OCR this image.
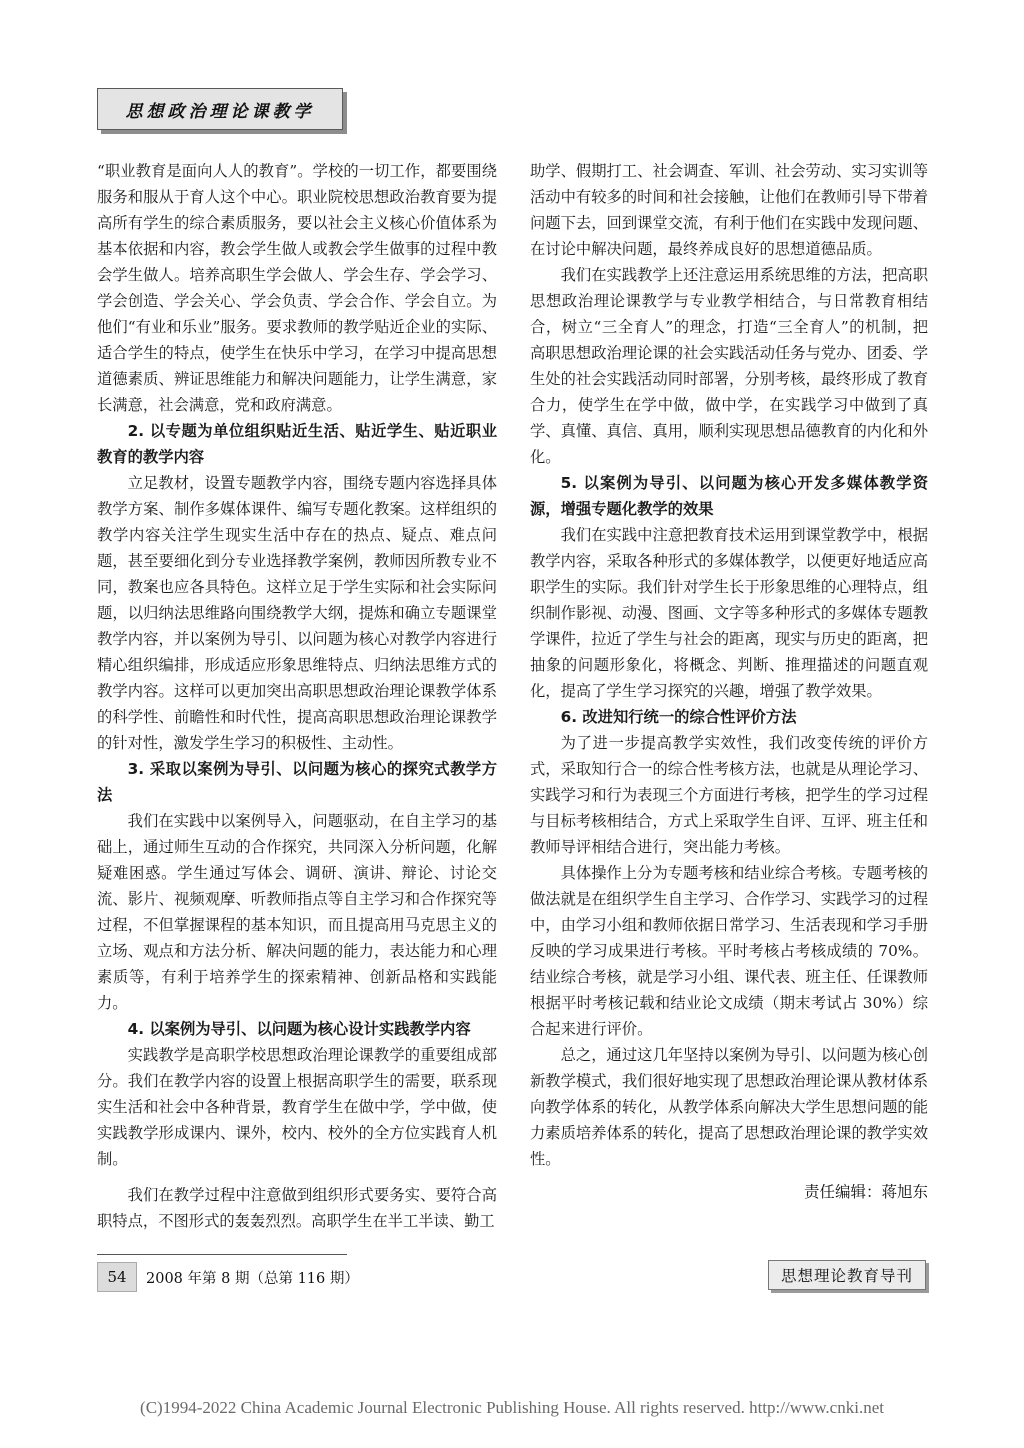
思想政治理论课教学

“职业教育是面向人人的教育”。学校的一切工作，都要围绕服务和服从于育人这个中心。职业院校思想政治教育要为提高所有学生的综合素质服务，要以社会主义核心价值体系为基本依据和内容，教会学生做人或教会学生做事的过程中教会学生做人。培养高职生学会做人、学会生存、学会学习、学会创造、学会关心、学会负责、学会合作、学会自立。为他们“有业和乐业”服务。要求教师的教学贴近企业的实际、适合学生的特点，使学生在快乐中学习，在学习中提高思想道德素质、辨证思维能力和解决问题能力，让学生满意，家长满意，社会满意，党和政府满意。

2. 以专题为单位组织贴近生活、贴近学生、贴近职业教育的教学内容

立足教材，设置专题教学内容，围绕专题内容选择具体教学方案、制作多媒体课件、编写专题化教案。这样组织的教学内容关注学生现实生活中存在的热点、疑点、难点问题，甚至要细化到分专业选择教学案例，教师因所教专业不同，教案也应各具特色。这样立足于学生实际和社会实际问题，以归纳法思维路向围绕教学大纲，提炼和确立专题课堂教学内容，并以案例为导引、以问题为核心对教学内容进行精心组织编排，形成适应形象思维特点、归纳法思维方式的教学内容。这样可以更加突出高职思想政治理论课教学体系的科学性、前瞻性和时代性，提高高职思想政治理论课教学的针对性，激发学生学习的积极性、主动性。

3. 采取以案例为导引、以问题为核心的探究式教学方法

我们在实践中以案例导入，问题驱动，在自主学习的基础上，通过师生互动的合作探究，共同深入分析问题，化解疑难困惑。学生通过写体会、调研、演讲、辩论、讨论交流、影片、视频观摩、听教师指点等自主学习和合作探究等过程，不但掌握课程的基本知识，而且提高用马克思主义的立场、观点和方法分析、解决问题的能力，表达能力和心理素质等，有利于培养学生的探索精神、创新品格和实践能力。

4. 以案例为导引、以问题为核心设计实践教学内容

实践教学是高职学校思想政治理论课教学的重要组成部分。我们在教学内容的设置上根据高职学生的需要，联系现实生活和社会中各种背景，教育学生在做中学，学中做，使实践教学形成课内、课外，校内、校外的全方位实践育人机制。

我们在教学过程中注意做到组织形式要务实、要符合高职特点，不图形式的轰轰烈烈。高职学生在半工半读、勤工

助学、假期打工、社会调查、军训、社会劳动、实习实训等活动中有较多的时间和社会接触，让他们在教师引导下带着问题下去，回到课堂交流，有利于他们在实践中发现问题、在讨论中解决问题，最终养成良好的思想道德品质。

我们在实践教学上还注意运用系统思维的方法，把高职思想政治理论课教学与专业教学相结合，与日常教育相结合，树立“三全育人”的理念，打造“三全育人”的机制，把高职思想政治理论课的社会实践活动任务与党办、团委、学生处的社会实践活动同时部署，分别考核，最终形成了教育合力，使学生在学中做，做中学，在实践学习中做到了真学、真懂、真信、真用，顺利实现思想品德教育的内化和外化。

5. 以案例为导引、以问题为核心开发多媒体教学资源，增强专题化教学的效果

我们在实践中注意把教育技术运用到课堂教学中，根据教学内容，采取各种形式的多媒体教学，以便更好地适应高职学生的实际。我们针对学生长于形象思维的心理特点，组织制作影视、动漫、图画、文字等多种形式的多媒体专题教学课件，拉近了学生与社会的距离，现实与历史的距离，把抽象的问题形象化，将概念、判断、推理描述的问题直观化，提高了学生学习探究的兴趣，增强了教学效果。

6. 改进知行统一的综合性评价方法

为了进一步提高教学实效性，我们改变传统的评价方式，采取知行合一的综合性考核方法，也就是从理论学习、实践学习和行为表现三个方面进行考核，把学生的学习过程与目标考核相结合，方式上采取学生自评、互评、班主任和教师导评相结合进行，突出能力考核。

具体操作上分为专题考核和结业综合考核。专题考核的做法就是在组织学生自主学习、合作学习、实践学习的过程中，由学习小组和教师依据日常学习、生活表现和学习手册反映的学习成果进行考核。平时考核占考核成绩的 70%。结业综合考核，就是学习小组、课代表、班主任、任课教师根据平时考核记载和结业论文成绩（期末考试占 30%）综合起来进行评价。

总之，通过这几年坚持以案例为导引、以问题为核心创新教学模式，我们很好地实现了思想政治理论课从教材体系向教学体系的转化，从教学体系向解决大学生思想问题的能力素质培养体系的转化，提高了思想政治理论课的教学实效性。

责任编辑：蒋旭东
54	2008 年第 8 期（总第 116 期）	思想理论教育导刊
(C)1994-2022 China Academic Journal Electronic Publishing House. All rights reserved. http://www.cnki.net
